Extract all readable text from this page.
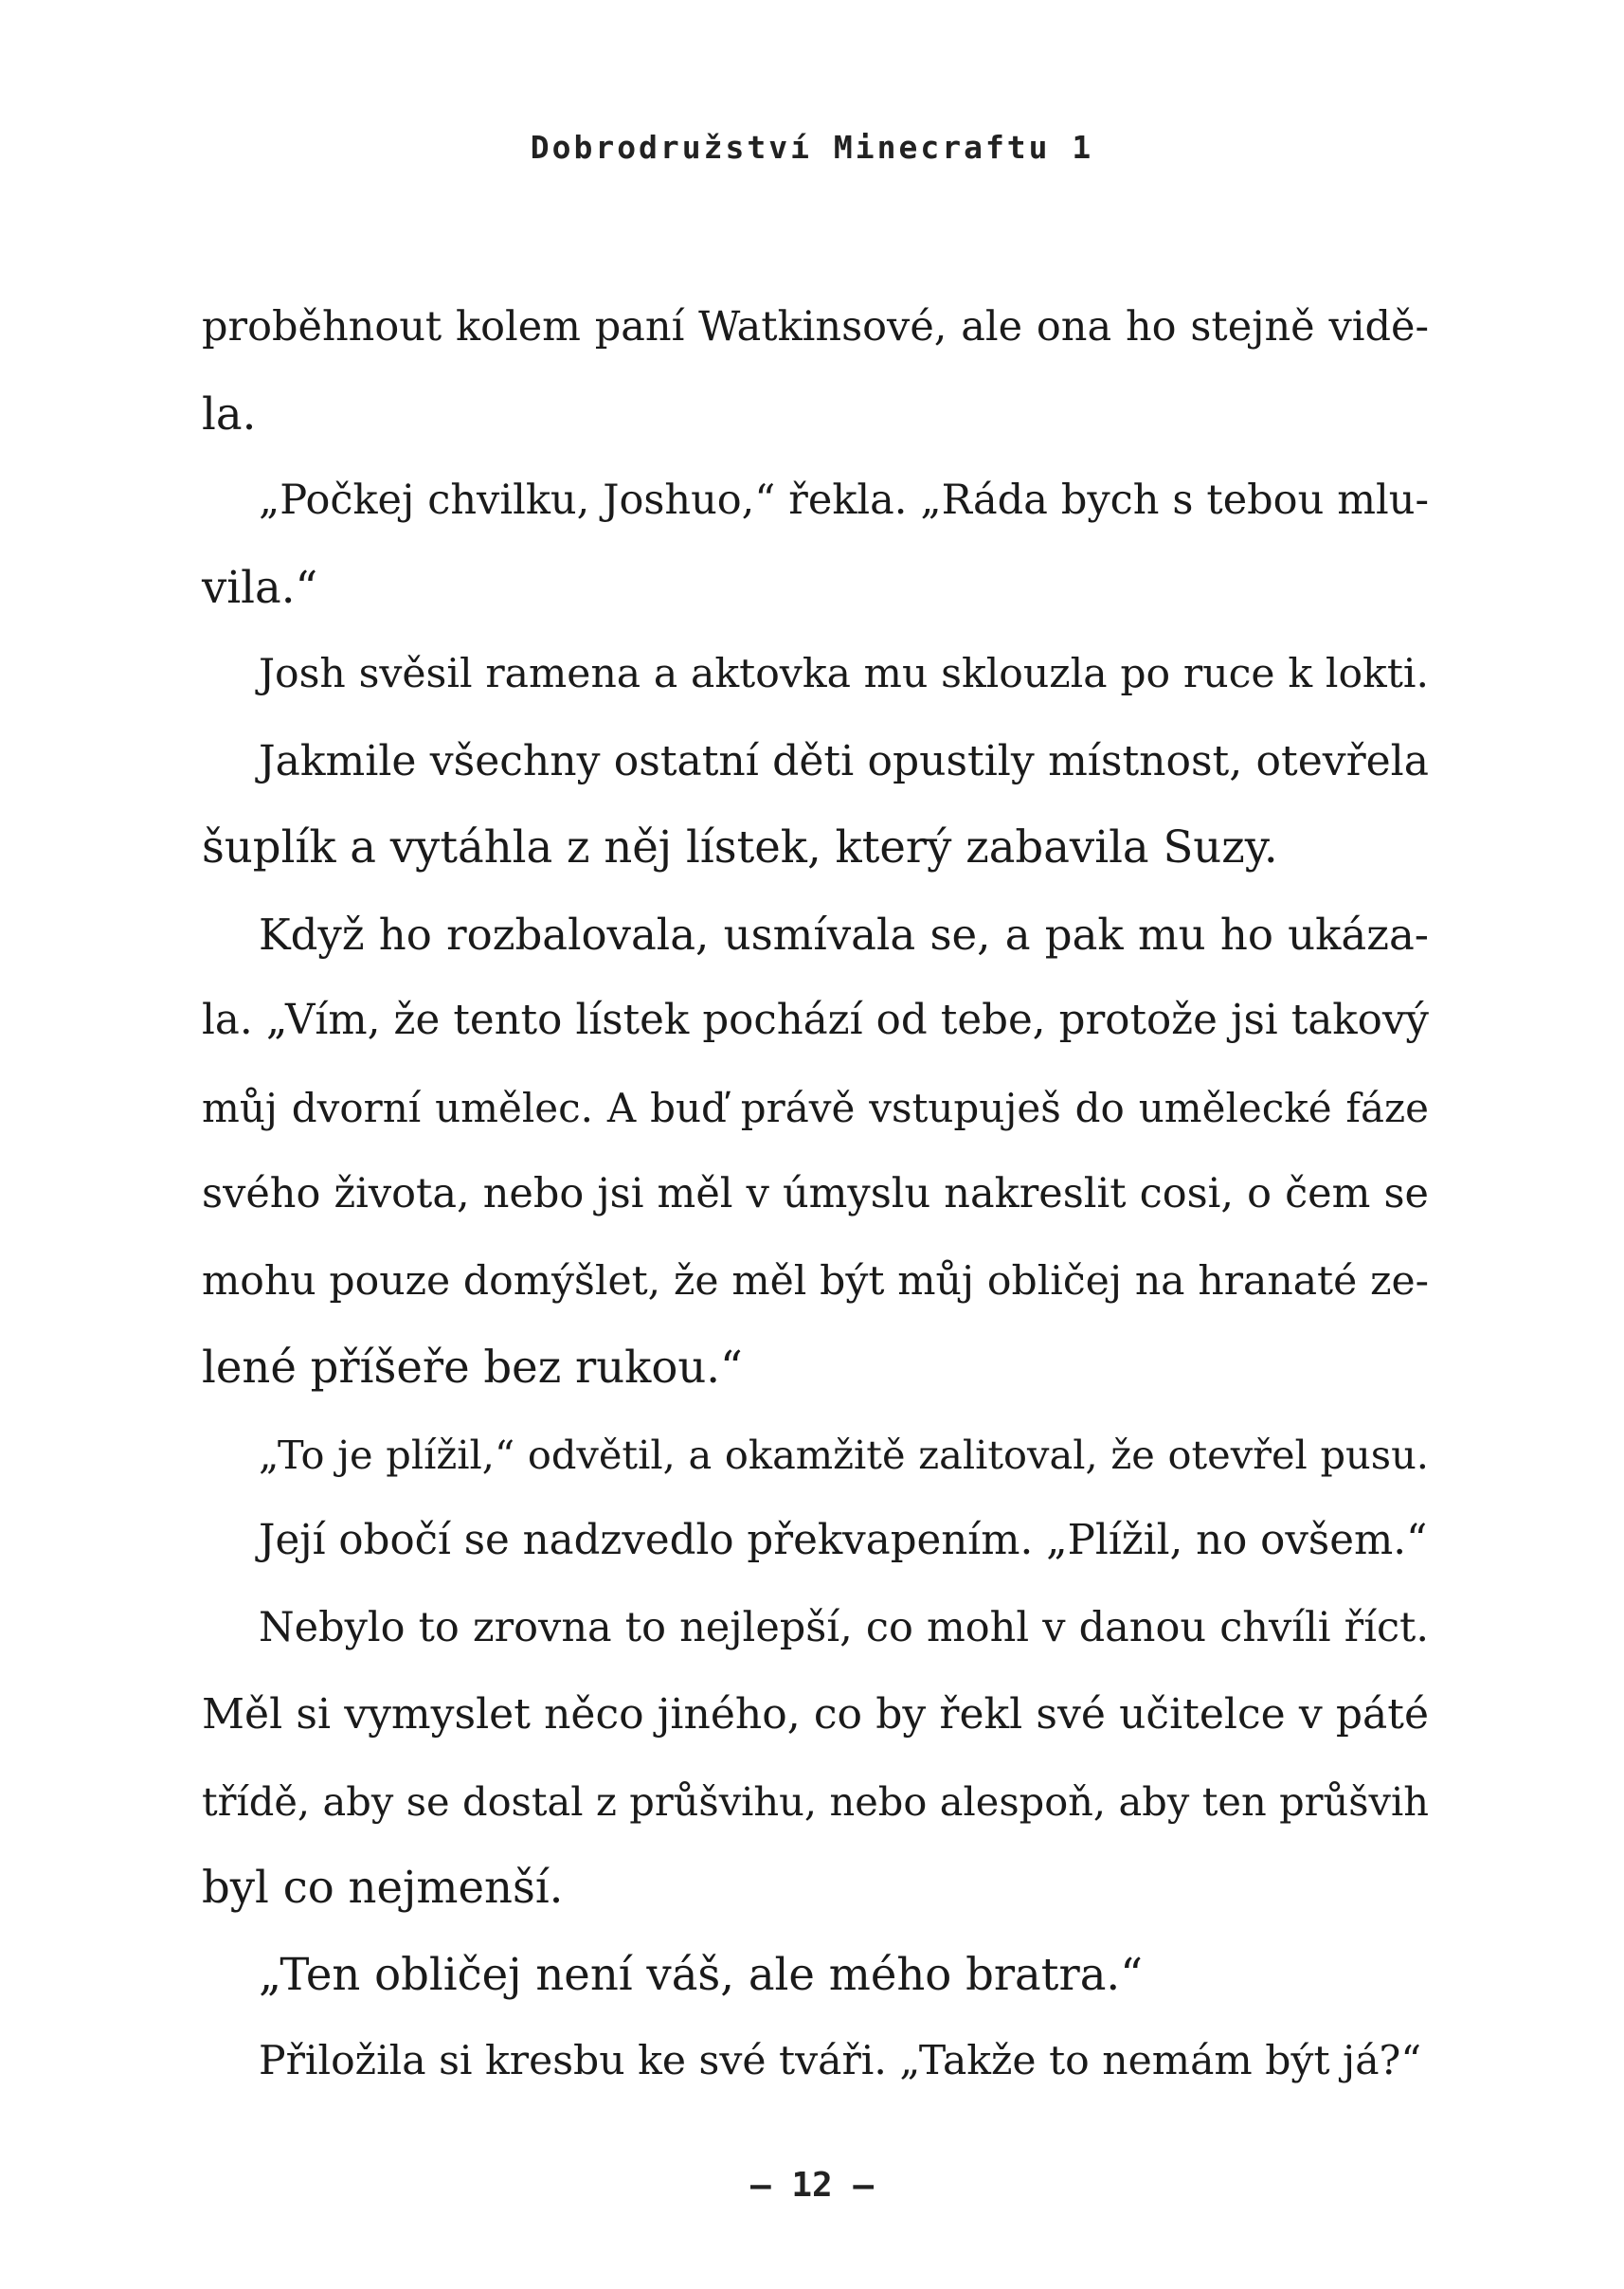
Dobrodružství Minecraftu 1
proběhnout kolem paní Watkinsové, ale ona ho stejně vidě-
la.
„Počkej chvilku, Joshuo,“ řekla. „Ráda bych s tebou mlu-
vila.“
Josh svěsil ramena a aktovka mu sklouzla po ruce k lokti.
Jakmile všechny ostatní děti opustily místnost, otevřela
šuplík a vytáhla z něj lístek, který zabavila Suzy.
Když ho rozbalovala, usmívala se, a pak mu ho ukáza-
la. „Vím, že tento lístek pochází od tebe, protože jsi takový
můj dvorní umělec. A buď právě vstupuješ do umělecké fáze
svého života, nebo jsi měl v úmyslu nakreslit cosi, o čem se
mohu pouze domýšlet, že měl být můj obličej na hranaté ze-
lené příšeře bez rukou.“
„To je plížil,“ odvětil, a okamžitě zalitoval, že otevřel pusu.
Její obočí se nadzvedlo překvapením. „Plížil, no ovšem.“
Nebylo to zrovna to nejlepší, co mohl v danou chvíli říct.
Měl si vymyslet něco jiného, co by řekl své učitelce v páté
třídě, aby se dostal z průšvihu, nebo alespoň, aby ten průšvih
byl co nejmenší.
„Ten obličej není váš, ale mého bratra.“
Přiložila si kresbu ke své tváři. „Takže to nemám být já?“
– 12 –
